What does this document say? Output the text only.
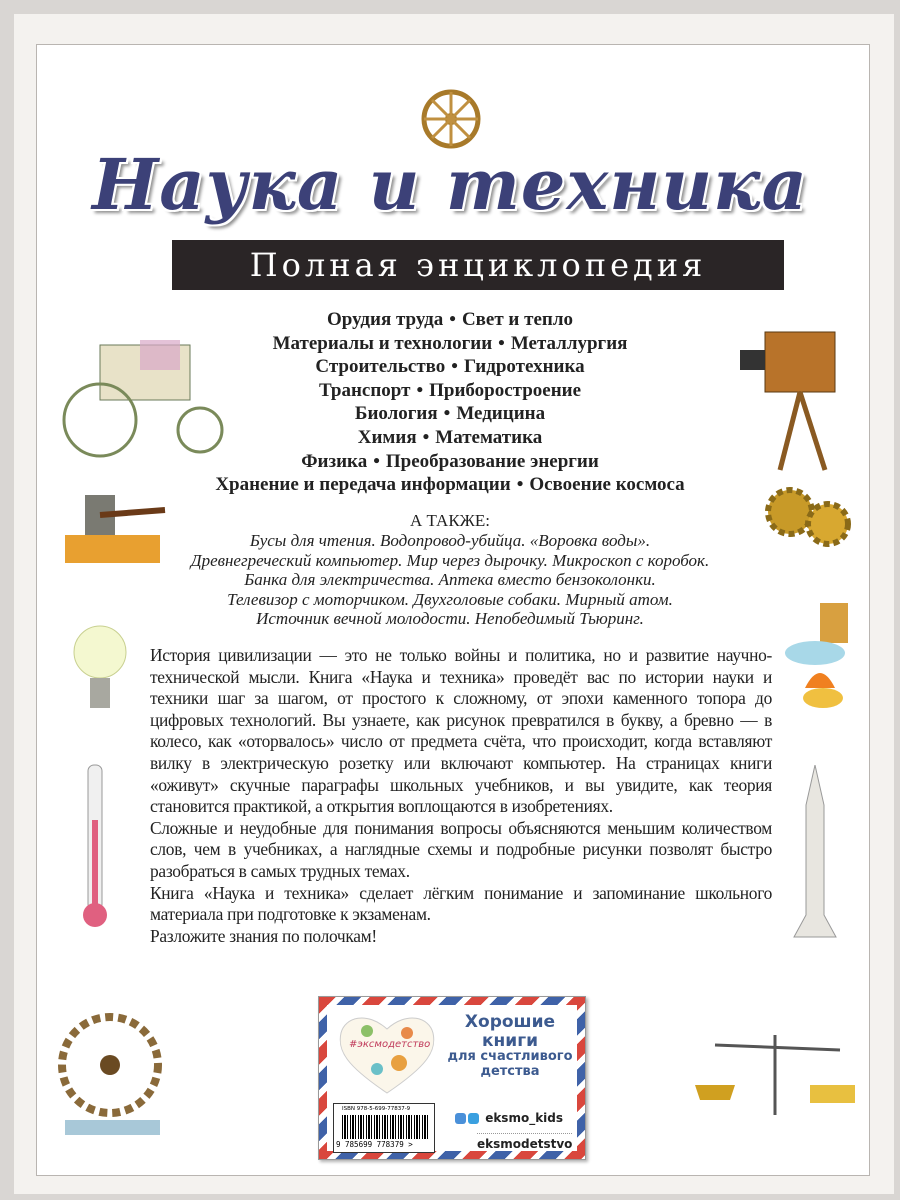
Наука и техника
Полная энциклопедия
Орудия труда • Свет и тепло
Материалы и технологии • Металлургия
Строительство • Гидротехника
Транспорт • Приборостроение
Биология • Медицина
Химия • Математика
Физика • Преобразование энергии
Хранение и передача информации • Освоение космоса
А ТАКЖЕ:
Бусы для чтения. Водопровод-убийца. «Воровка воды».
Древнегреческий компьютер. Мир через дырочку. Микроскоп с коробок.
Банка для электричества. Аптека вместо бензоколонки.
Телевизор с моторчиком. Двухголовые собаки. Мирный атом.
Источник вечной молодости. Непобедимый Тьюринг.

История цивилизации — это не только войны и политика, но и развитие научно-технической мысли. Книга «Наука и техника» проведёт вас по истории науки и техники шаг за шагом, от простого к сложному, от эпохи каменного топора до цифровых технологий. Вы узнаете, как рисунок превратился в букву, а бревно — в колесо, как «оторвалось» число от предмета счёта, что происходит, когда вставляют вилку в электрическую розетку или включают компьютер. На страницах книги «оживут» скучные параграфы школьных учебников, и вы увидите, как теория становится практикой, а открытия воплощаются в изобретениях.

Сложные и неудобные для понимания вопросы объясняются меньшим количеством слов, чем в учебниках, а наглядные схемы и подробные рисунки позволят быстро разобраться в самых трудных темах.

Книга «Наука и техника» сделает лёгким понимание и запоминание школьного материала при подготовке к экзаменам.

Разложите знания по полочкам!

#эксмодетство
Хорошие
книги
для счастливого
детства
ISBN 978-5-699-77837-9
9 785699 778379 >
eksmo_kids
eksmodetstvo
